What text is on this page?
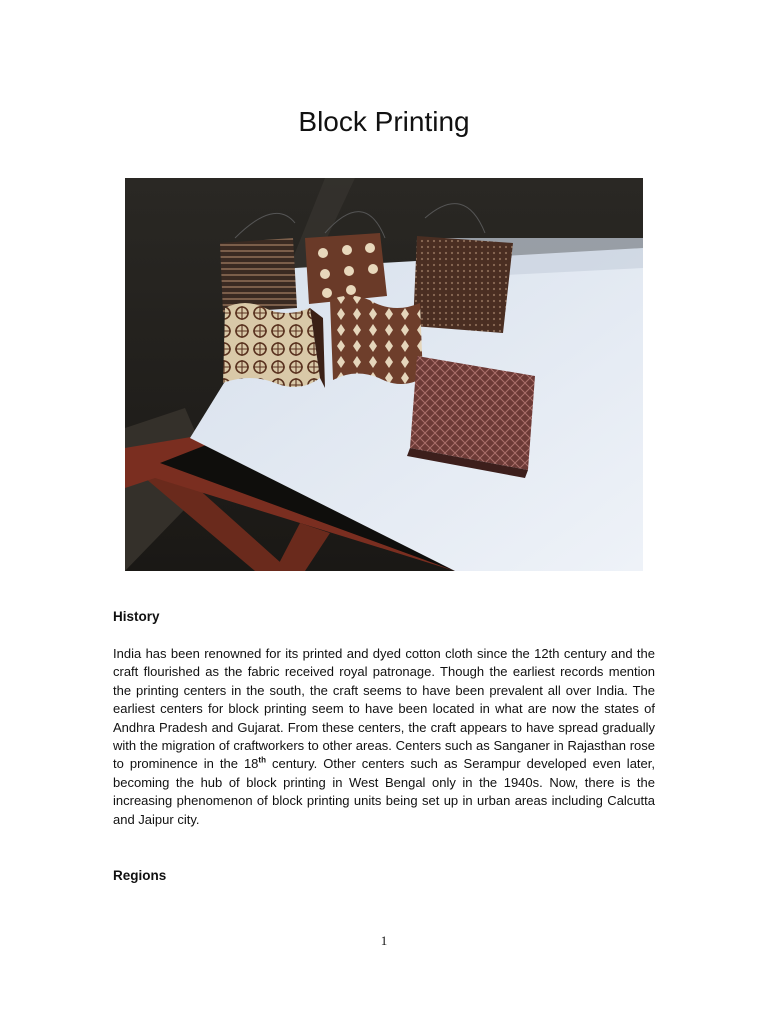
Block Printing
History

India has been renowned for its printed and dyed cotton cloth since the 12th century and the craft flourished as the fabric received royal patronage. Though the earliest records mention the printing centers in the south, the craft seems to have been prevalent all over India. The earliest centers for block printing seem to have been located in what are now the states of Andhra Pradesh and Gujarat. From these centers, the craft appears to have spread gradually with the migration of craftworkers to other areas. Centers such as Sanganer in Rajasthan rose to prominence in the 18th century. Other centers such as Serampur developed even later, becoming the hub of block printing in West Bengal only in the 1940s. Now, there is the increasing phenomenon of block printing units being set up in urban areas including Calcutta and Jaipur city.

Regions
1
